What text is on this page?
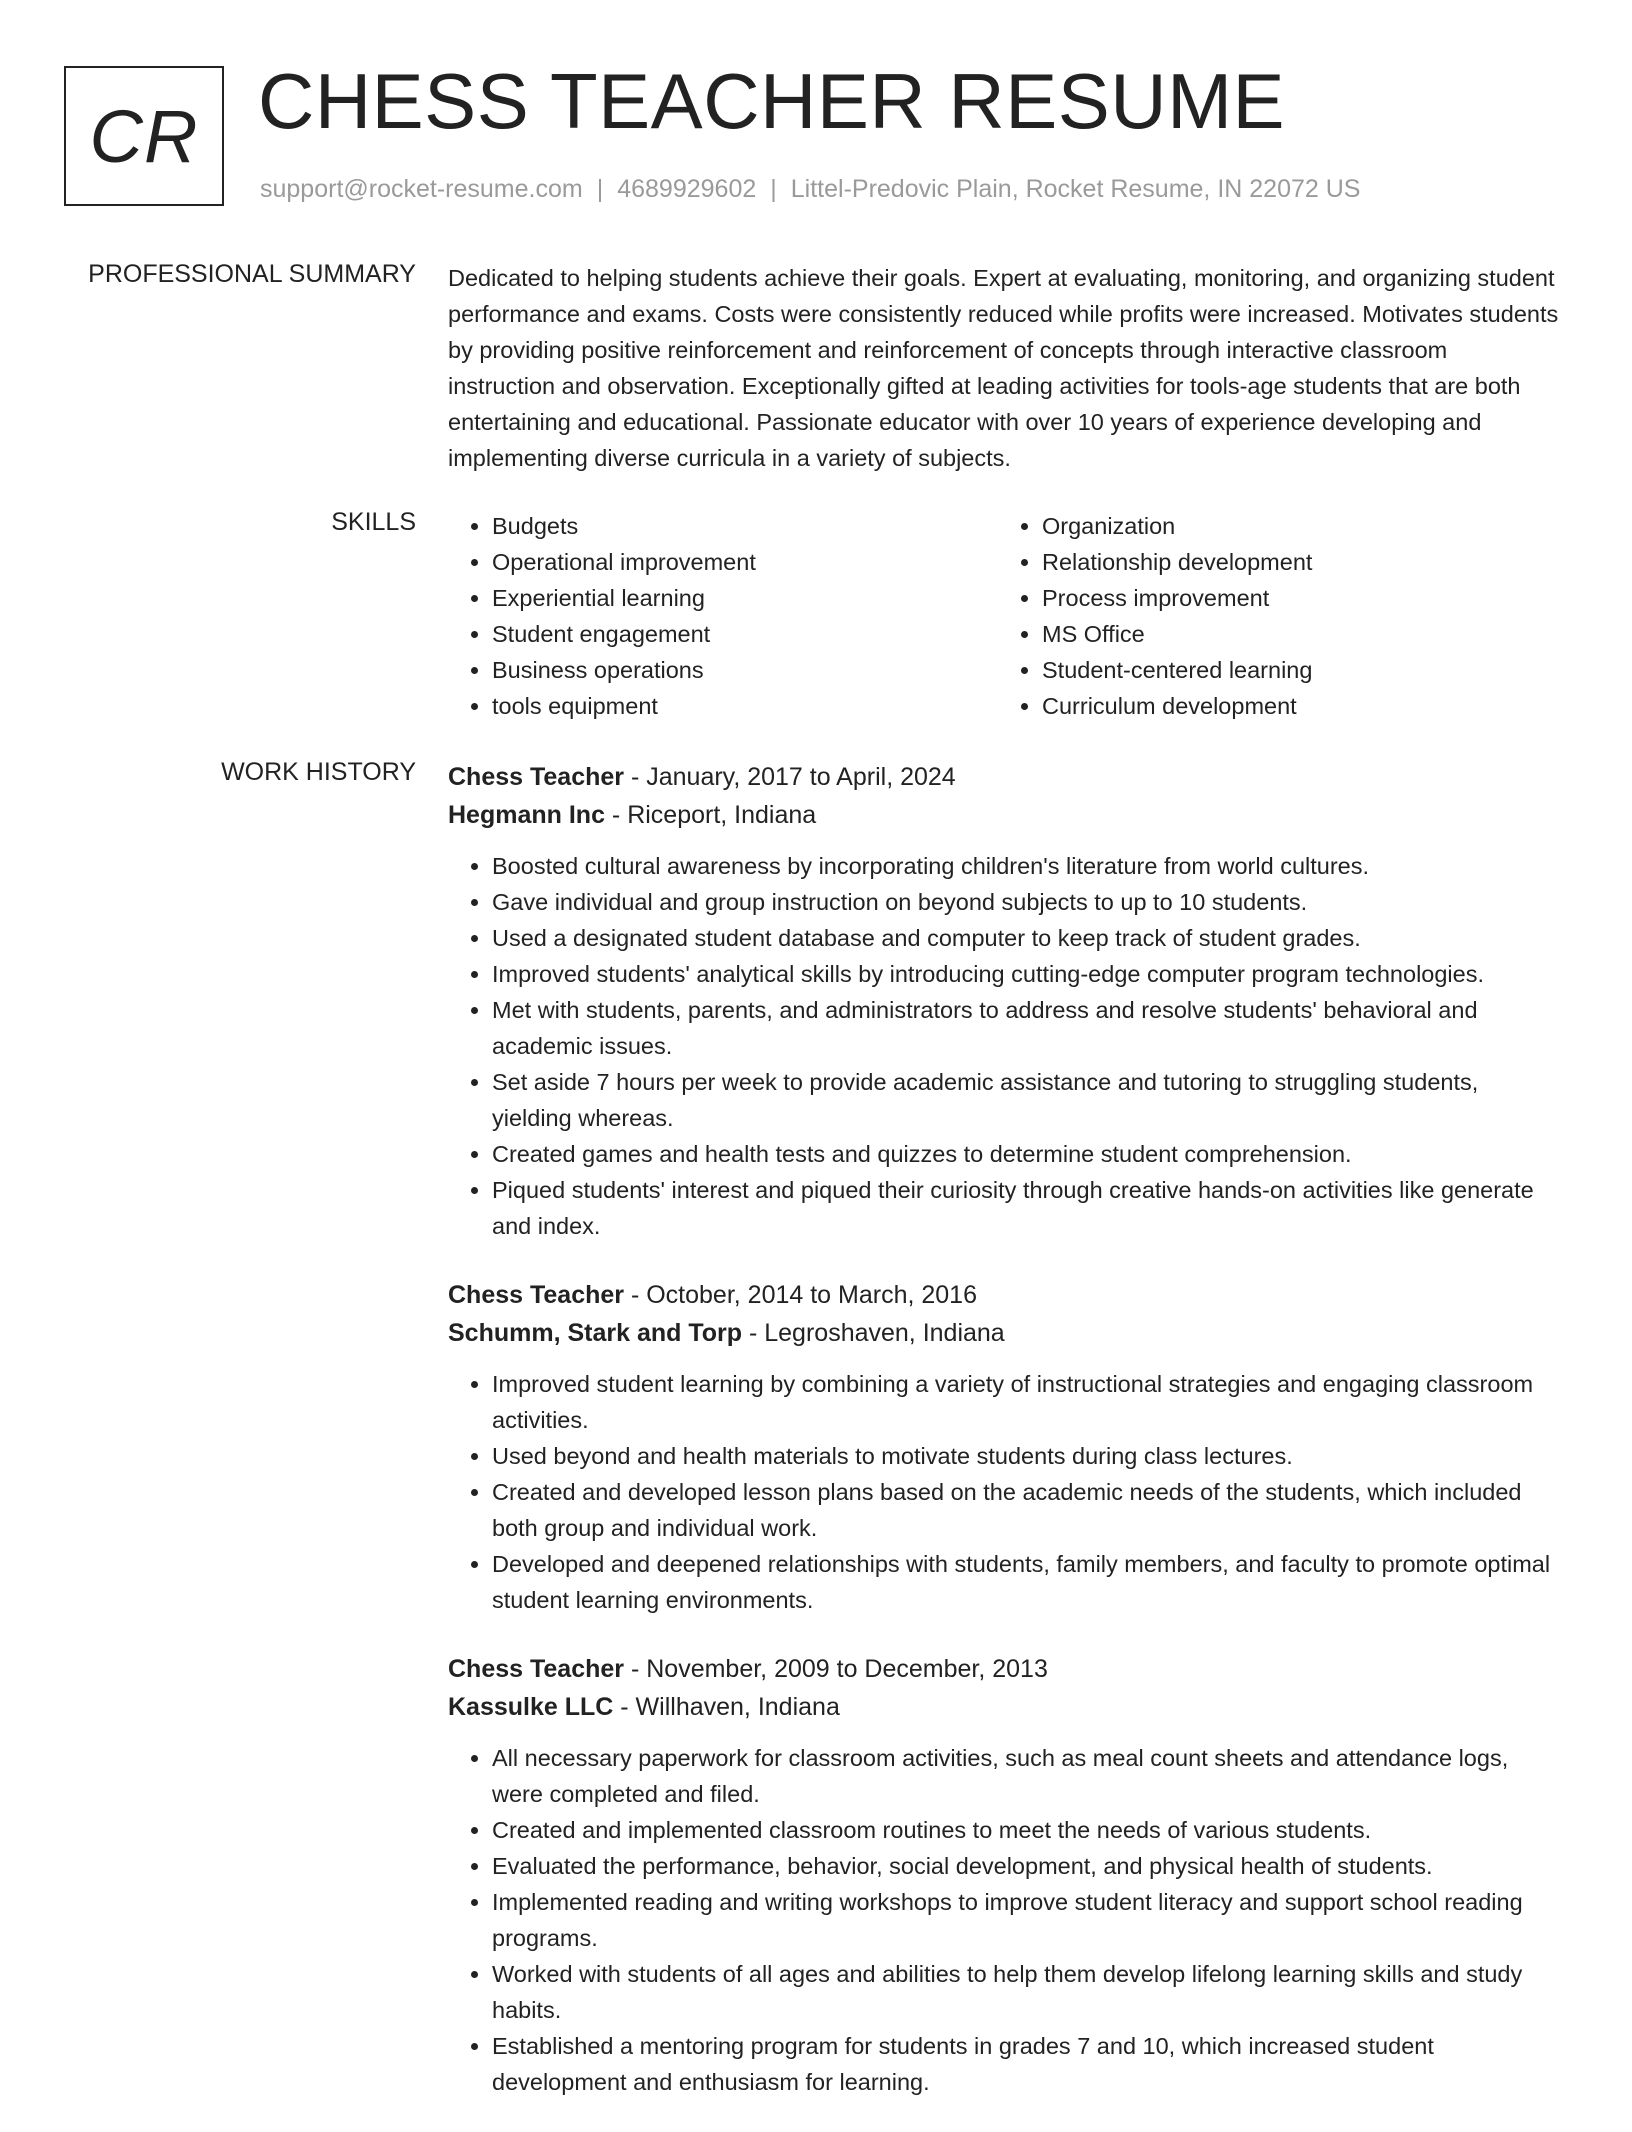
CR CHESS TEACHER RESUME
support@rocket-resume.com | 4689929602 | Littel-Predovic Plain, Rocket Resume, IN 22072 US
PROFESSIONAL SUMMARY Dedicated to helping students achieve their goals. Expert at evaluating, monitoring, and organizing student performance and exams. Costs were consistently reduced while profits were increased. Motivates students by providing positive reinforcement and reinforcement of concepts through interactive classroom instruction and observation. Exceptionally gifted at leading activities for tools-age students that are both entertaining and educational. Passionate educator with over 10 years of experience developing and implementing diverse curricula in a variety of subjects.

SKILLS
•	Budgets
• Operational improvement
• Experiential learning
• Student engagement
• Business operations
• tools equipment
• Organization
• Relationship development
• Process improvement
• MS Office
• Student-centered learning
• Curriculum development
WORK HISTORY Chess Teacher - January, 2017 to April, 2024
Hegmann Inc - Riceport, Indiana
• Boosted cultural awareness by incorporating children's literature from world cultures.
• Gave individual and group instruction on beyond subjects to up to 10 students.
• Used a designated student database and computer to keep track of student grades.
• Improved students' analytical skills by introducing cutting-edge computer program technologies.
• Met with students, parents, and administrators to address and resolve students' behavioral and academic issues.
• Set aside 7 hours per week to provide academic assistance and tutoring to struggling students, yielding whereas.
• Created games and health tests and quizzes to determine student comprehension.
• Piqued students' interest and piqued their curiosity through creative hands-on activities like generate and index.
Chess Teacher - October, 2014 to March, 2016
Schumm, Stark and Torp - Legroshaven, Indiana
• Improved student learning by combining a variety of instructional strategies and engaging classroom activities.
• Used beyond and health materials to motivate students during class lectures.
• Created and developed lesson plans based on the academic needs of the students, which included both group and individual work.
• Developed and deepened relationships with students, family members, and faculty to promote optimal student learning environments.
Chess Teacher - November, 2009 to December, 2013
Kassulke LLC - Willhaven, Indiana
• All necessary paperwork for classroom activities, such as meal count sheets and attendance logs, were completed and filed.
• Created and implemented classroom routines to meet the needs of various students.
• Evaluated the performance, behavior, social development, and physical health of students.
• Implemented reading and writing workshops to improve student literacy and support school reading programs.
• Worked with students of all ages and abilities to help them develop lifelong learning skills and study habits.
• Established a mentoring program for students in grades 7 and 10, which increased student development and enthusiasm for learning.
